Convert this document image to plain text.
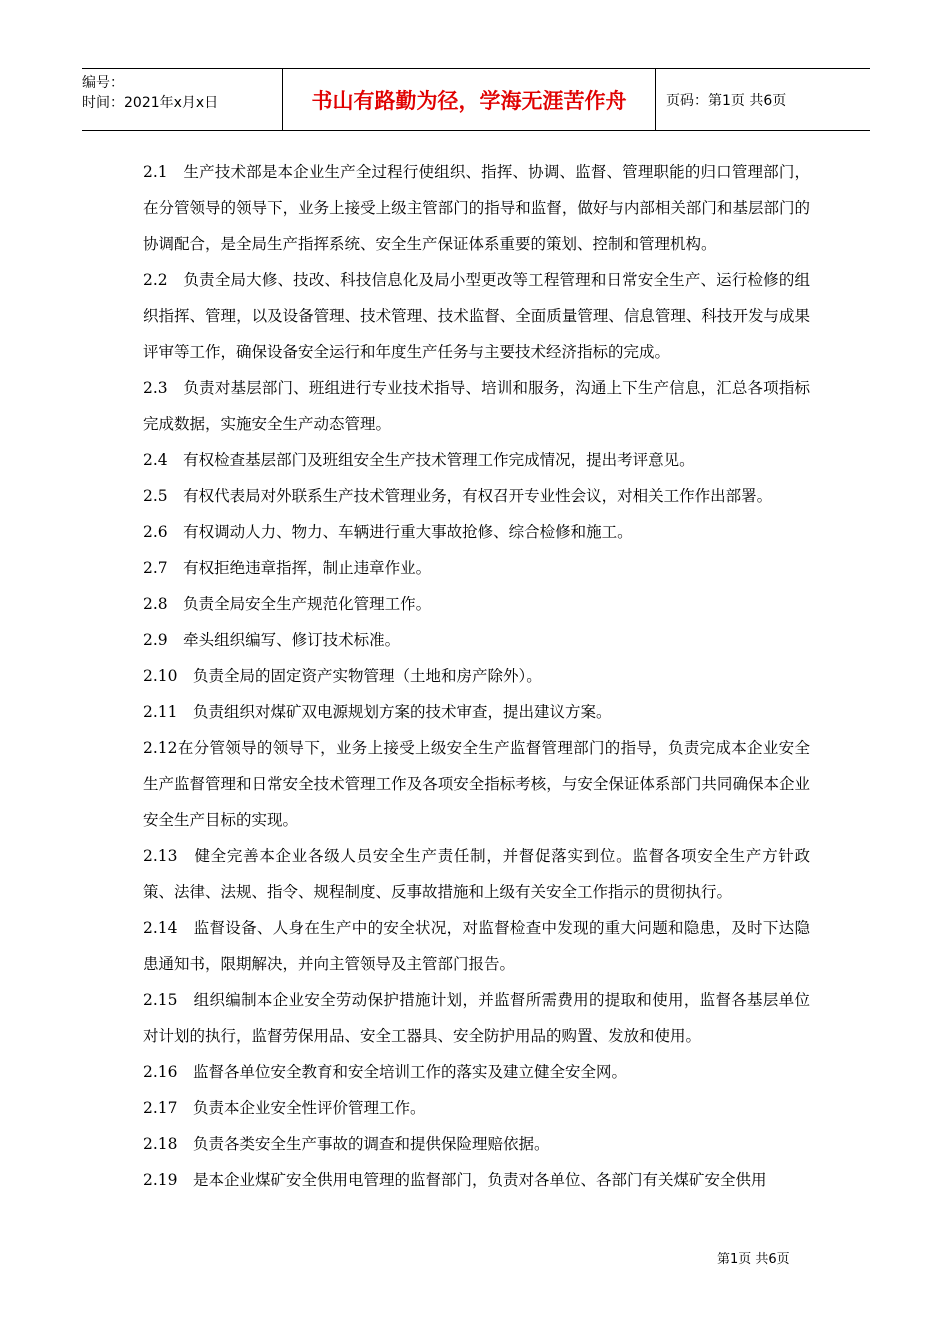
编号：
时间：2021年x月x日	书山有路勤为径，学海无涯苦作舟	页码：第1页 共6页

2.1　生产技术部是本企业生产全过程行使组织、指挥、协调、监督、管理职能的归口管理部门，在分管领导的领导下，业务上接受上级主管部门的指导和监督，做好与内部相关部门和基层部门的协调配合，是全局生产指挥系统、安全生产保证体系重要的策划、控制和管理机构。

2.2　负责全局大修、技改、科技信息化及局小型更改等工程管理和日常安全生产、运行检修的组织指挥、管理，以及设备管理、技术管理、技术监督、全面质量管理、信息管理、科技开发与成果评审等工作，确保设备安全运行和年度生产任务与主要技术经济指标的完成。

2.3　负责对基层部门、班组进行专业技术指导、培训和服务，沟通上下生产信息，汇总各项指标完成数据，实施安全生产动态管理。

2.4　有权检查基层部门及班组安全生产技术管理工作完成情况，提出考评意见。

2.5　有权代表局对外联系生产技术管理业务，有权召开专业性会议，对相关工作作出部署。

2.6　有权调动人力、物力、车辆进行重大事故抢修、综合检修和施工。

2.7　有权拒绝违章指挥，制止违章作业。

2.8　负责全局安全生产规范化管理工作。

2.9　牵头组织编写、修订技术标准。

2.10　负责全局的固定资产实物管理（土地和房产除外）。

2.11　负责组织对煤矿双电源规划方案的技术审查，提出建议方案。

2.12在分管领导的领导下，业务上接受上级安全生产监督管理部门的指导，负责完成本企业安全生产监督管理和日常安全技术管理工作及各项安全指标考核，与安全保证体系部门共同确保本企业安全生产目标的实现。

2.13　健全完善本企业各级人员安全生产责任制，并督促落实到位。监督各项安全生产方针政策、法律、法规、指令、规程制度、反事故措施和上级有关安全工作指示的贯彻执行。

2.14　监督设备、人身在生产中的安全状况，对监督检查中发现的重大问题和隐患，及时下达隐患通知书，限期解决，并向主管领导及主管部门报告。

2.15　组织编制本企业安全劳动保护措施计划，并监督所需费用的提取和使用，监督各基层单位对计划的执行，监督劳保用品、安全工器具、安全防护用品的购置、发放和使用。

2.16　监督各单位安全教育和安全培训工作的落实及建立健全安全网。

2.17　负责本企业安全性评价管理工作。

2.18　负责各类安全生产事故的调查和提供保险理赔依据。

2.19　是本企业煤矿安全供用电管理的监督部门，负责对各单位、各部门有关煤矿安全供用

第1页 共6页
